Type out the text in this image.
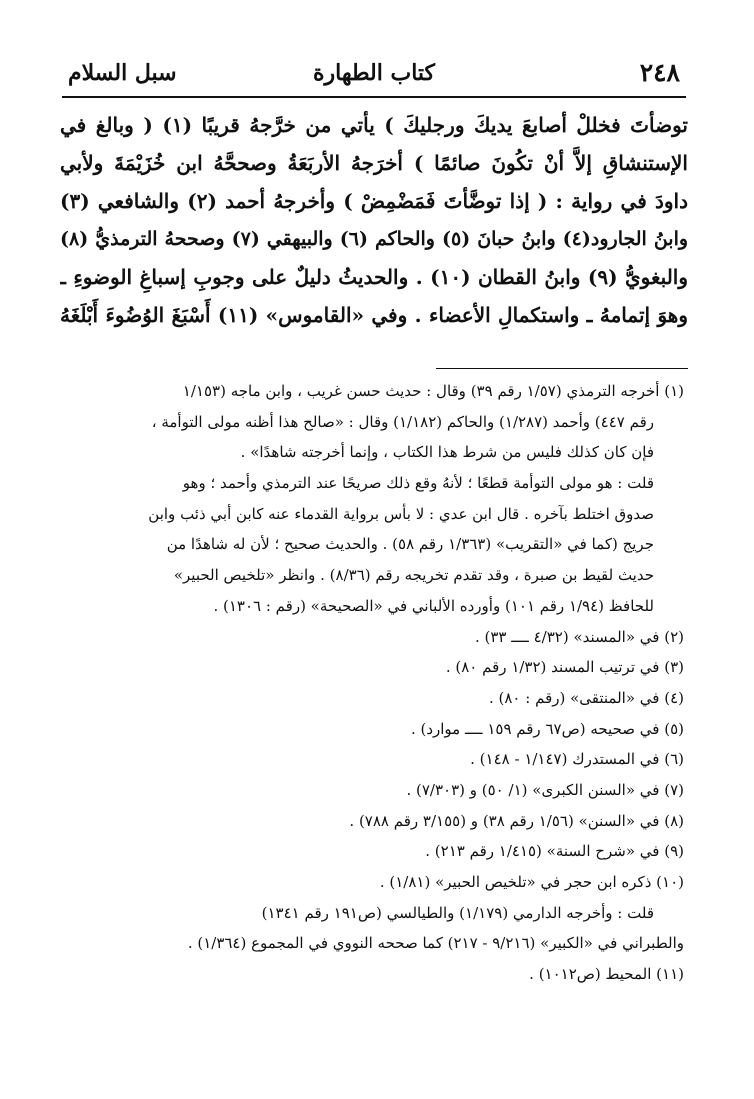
٢٤٨
كتاب الطهارة
سبل السلام
توضأتَ فخللْ أصابعَ يديكَ ورجليكَ ) يأتي من خرَّجهُ قريبًا (١) ( وبالغ في
الإستنشاقِ إلاَّ أنْ تكُونَ صائمًا ) أخرَجهُ الأربَعَةُ وصححَّهُ ابن خُزَيْمَةَ ولأبي
داودَ في رواية : ( إذا توضَّأتَ فَمَضْمِضْ ) وأخرجهُ أحمد (٢) والشافعي (٣)
وابنُ الجارود(٤) وابنُ حبانَ (٥) والحاكم (٦) والبيهقي (٧) وصححهُ الترمذيُّ (٨)
والبغويُّ (٩) وابنُ القطان (١٠) . والحديثُ دليلٌ على وجوبِ إسباغِ الوضوءِ ـ
وهوَ إتمامهُ ـ واستكمالِ الأعضاء . وفي «القاموس» (١١) أَسْبَغَ الوُضُوءَ أَبْلَغَهُ
(١) أخرجه الترمذي (١/٥٧ رقم ٣٩) وقال : حديث حسن غريب ، وابن ماجه (١/١٥٣
رقم ٤٤٧) وأحمد (١/٢٨٧) والحاكم (١/١٨٢) وقال : «صالح هذا أظنه مولى التوأمة ،
فإن كان كذلك فليس من شرط هذا الكتاب ، وإنما أخرجته شاهدًا» .
قلت : هو مولى التوأمة قطعًا ؛ لأنهُ وقع ذلك صريحًا عند الترمذي وأحمد ؛ وهو
صدوق اختلط بآخره . قال ابن عدي : لا بأس برواية القدماء عنه كابن أبي ذئب وابن
جريج (كما في «التقريب» (١/٣٦٣ رقم ٥٨) . والحديث صحيح ؛ لأن له شاهدًا من
حديث لقيط بن صبرة ، وقد تقدم تخريجه رقم (٨/٣٦) . وانظر «تلخيص الحبير»
للحافظ (١/٩٤ رقم ١٠١) وأورده الألباني في «الصحيحة» (رقم : ١٣٠٦) .
(٢) في «المسند» (٤/٣٢ ــــ ٣٣) .
(٣) في ترتيب المسند (١/٣٢ رقم ٨٠) .
(٤) في «المنتقى» (رقم : ٨٠) .
(٥) في صحيحه (ص٦٧ رقم ١٥٩ ــــ موارد) .
(٦) في المستدرك (١/١٤٧ - ١٤٨) .
(٧) في «السنن الكبرى» (١/ ٥٠) و (٧/٣٠٣) .
(٨) في «السنن» (١/٥٦ رقم ٣٨) و (٣/١٥٥ رقم ٧٨٨) .
(٩) في «شرح السنة» (١/٤١٥ رقم ٢١٣) .
(١٠) ذكره ابن حجر في «تلخيص الحبير» (١/٨١) .
قلت : وأخرجه الدارمي (١/١٧٩) والطيالسي (ص١٩١ رقم ١٣٤١)
والطبراني في «الكبير» (٩/٢١٦ - ٢١٧) كما صححه النووي في المجموع (١/٣٦٤) .
(١١) المحيط (ص١٠١٢) .
